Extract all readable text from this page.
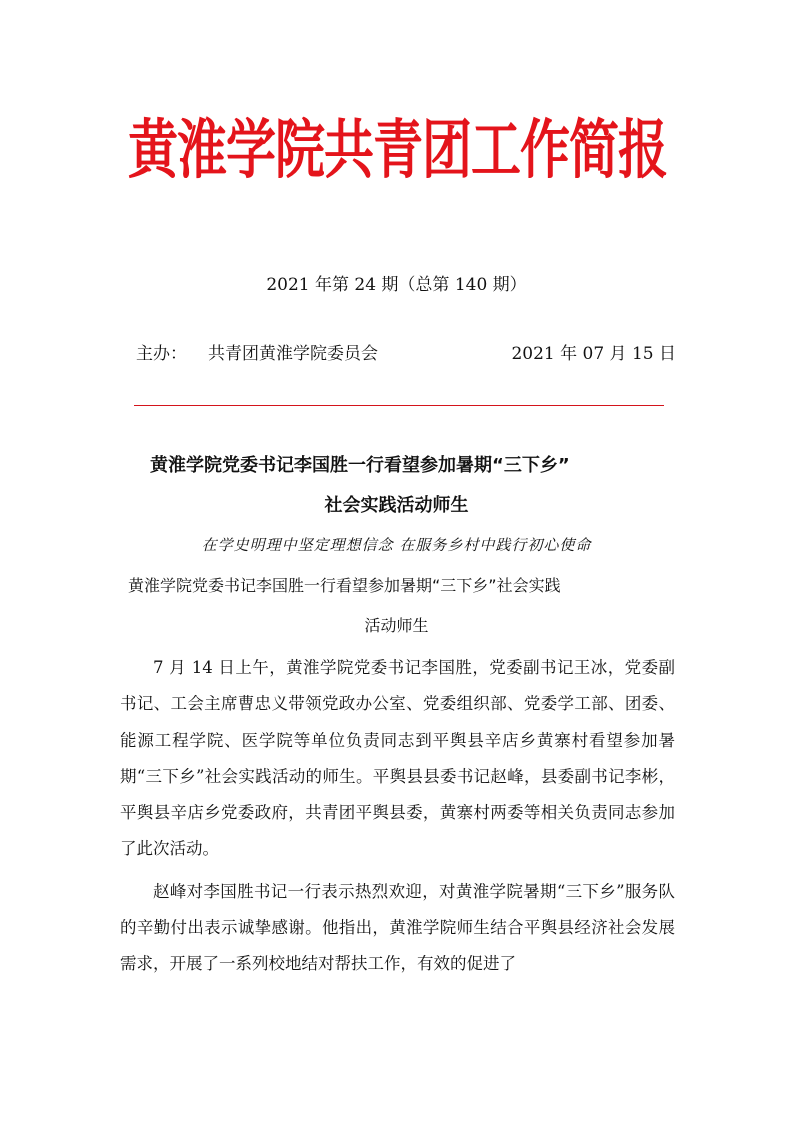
黄淮学院共青团工作简报
2021 年第 24 期（总第 140 期）
主办： 共青团黄淮学院委员会	2021 年 07 月 15 日
黄淮学院党委书记李国胜一行看望参加暑期“三下乡”
社会实践活动师生
在学史明理中坚定理想信念 在服务乡村中践行初心使命
黄淮学院党委书记李国胜一行看望参加暑期“三下乡”社会实践
活动师生

7 月 14 日上午，黄淮学院党委书记李国胜，党委副书记王冰，党委副书记、工会主席曹忠义带领党政办公室、党委组织部、党委学工部、团委、能源工程学院、医学院等单位负责同志到平舆县辛店乡黄寨村看望参加暑期“三下乡”社会实践活动的师生。平舆县县委书记赵峰，县委副书记李彬，平舆县辛店乡党委政府，共青团平舆县委，黄寨村两委等相关负责同志参加了此次活动。

赵峰对李国胜书记一行表示热烈欢迎，对黄淮学院暑期“三下乡”服务队的辛勤付出表示诚挚感谢。他指出，黄淮学院师生结合平舆县经济社会发展需求，开展了一系列校地结对帮扶工作，有效的促进了
